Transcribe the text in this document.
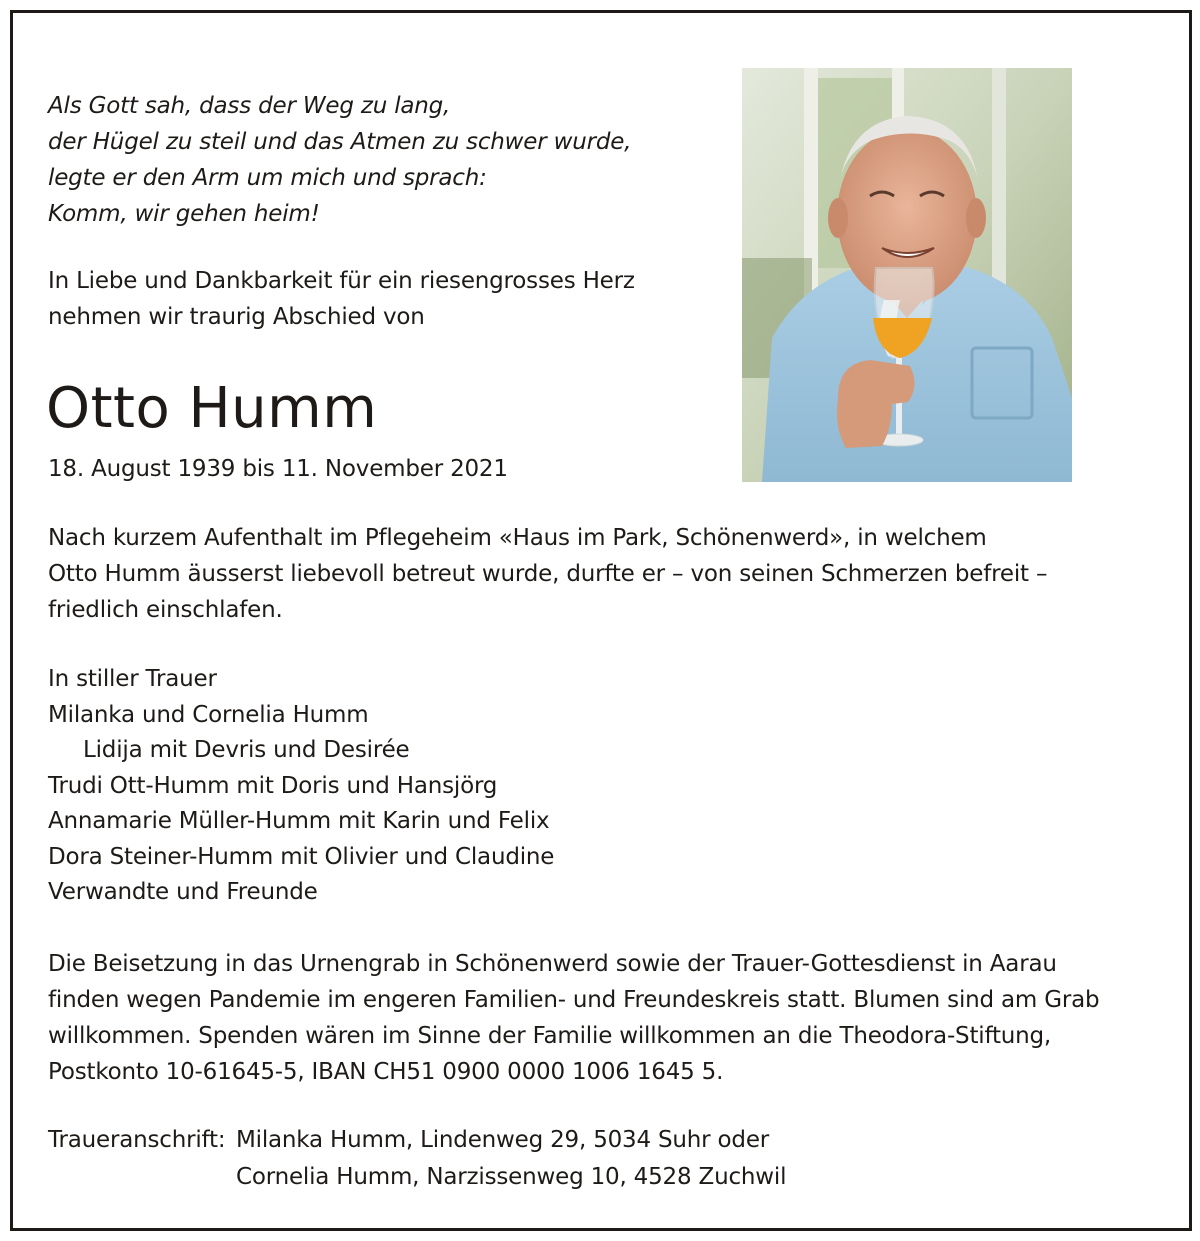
Als Gott sah, dass der Weg zu lang,
der Hügel zu steil und das Atmen zu schwer wurde,
legte er den Arm um mich und sprach:
Komm, wir gehen heim!
In Liebe und Dankbarkeit für ein riesengrosses Herz
nehmen wir traurig Abschied von
Otto Humm
18. August 1939 bis 11. November 2021
Nach kurzem Aufenthalt im Pflegeheim «Haus im Park, Schönenwerd», in welchem
Otto Humm äusserst liebevoll betreut wurde, durfte er – von seinen Schmerzen befreit –
friedlich einschlafen.
In stiller Trauer
Milanka und Cornelia Humm
Lidija mit Devris und Desirée
Trudi Ott-Humm mit Doris und Hansjörg
Annamarie Müller-Humm mit Karin und Felix
Dora Steiner-Humm mit Olivier und Claudine
Verwandte und Freunde
Die Beisetzung in das Urnengrab in Schönenwerd sowie der Trauer-Gottesdienst in Aarau
finden wegen Pandemie im engeren Familien- und Freundeskreis statt. Blumen sind am Grab
willkommen. Spenden wären im Sinne der Familie willkommen an die Theodora-Stiftung,
Postkonto 10-61645-5, IBAN CH51 0900 0000 1006 1645 5.
Traueranschrift: Milanka Humm, Lindenweg 29, 5034 Suhr oder
Cornelia Humm, Narzissenweg 10, 4528 Zuchwil
